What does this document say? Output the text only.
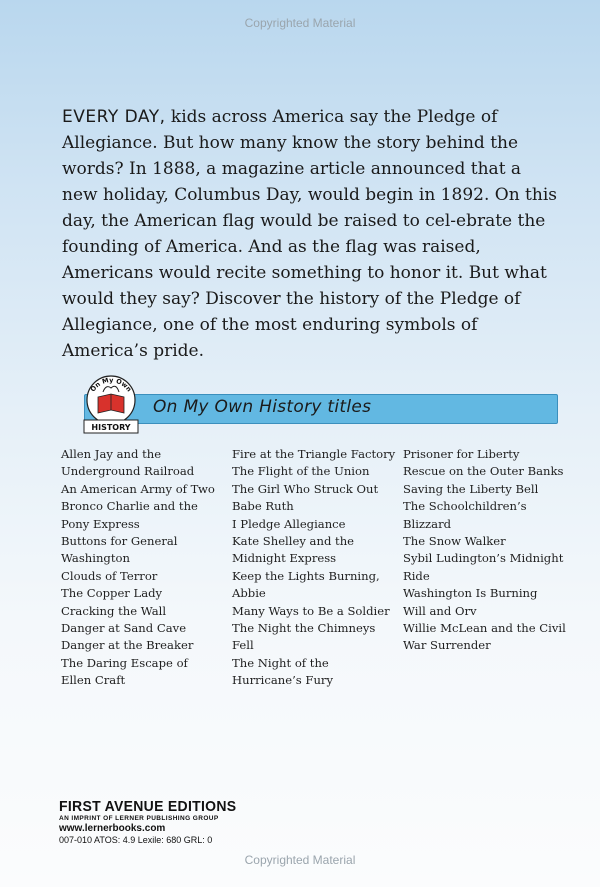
Copyrighted Material

EVERY DAY, kids across America say the Pledge of Allegiance. But how many know the story behind the words? In 1888, a magazine article announced that a new holiday, Columbus Day, would begin in 1892. On this day, the American flag would be raised to cel-ebrate the founding of America. And as the flag was raised, Americans would recite something to honor it. But what would they say? Discover the history of the Pledge of Allegiance, one of the most enduring symbols of America’s pride.

On My Own History titles
On My Own
HISTORY
Allen Jay and the
Underground Railroad
An American Army of Two
Bronco Charlie and the
Pony Express
Buttons for General
Washington
Clouds of Terror
The Copper Lady
Cracking the Wall
Danger at Sand Cave
Danger at the Breaker
The Daring Escape of
Ellen Craft
Fire at the Triangle Factory
The Flight of the Union
The Girl Who Struck Out
Babe Ruth
I Pledge Allegiance
Kate Shelley and the
Midnight Express
Keep the Lights Burning,
Abbie
Many Ways to Be a Soldier
The Night the Chimneys
Fell
The Night of the
Hurricane’s Fury
Prisoner for Liberty
Rescue on the Outer Banks
Saving the Liberty Bell
The Schoolchildren’s
Blizzard
The Snow Walker
Sybil Ludington’s Midnight
Ride
Washington Is Burning
Will and Orv
Willie McLean and the Civil
War Surrender
FIRST AVENUE EDITIONS
AN IMPRINT OF LERNER PUBLISHING GROUP
www.lernerbooks.com
007-010 ATOS: 4.9 Lexile: 680 GRL: 0
Copyrighted Material
